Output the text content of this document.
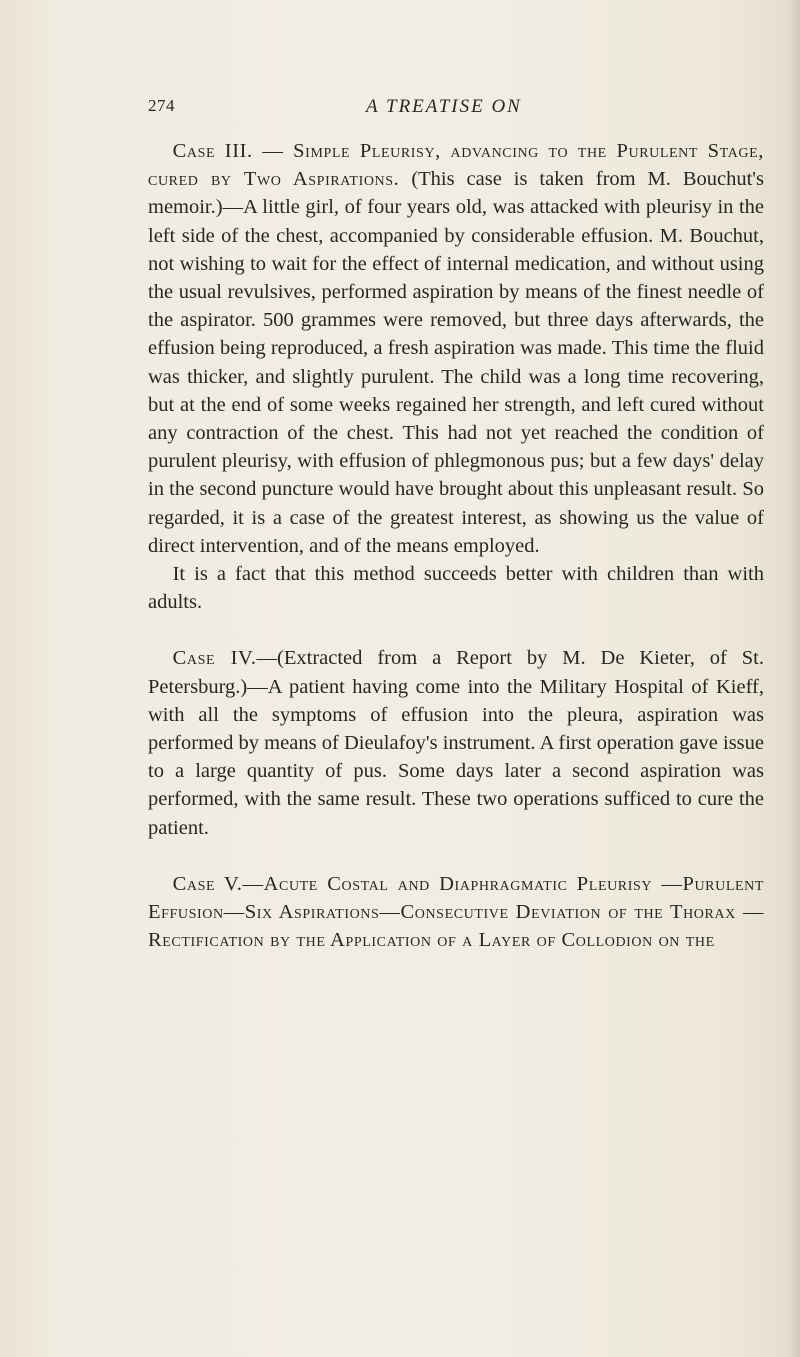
274	A TREATISE ON

Case III. — Simple Pleurisy, advancing to the Purulent Stage, cured by Two Aspirations. (This case is taken from M. Bouchut's memoir.)—A little girl, of four years old, was attacked with pleurisy in the left side of the chest, accompanied by considerable effusion. M. Bouchut, not wishing to wait for the effect of internal medication, and without using the usual revulsives, performed aspiration by means of the finest needle of the aspirator. 500 grammes were removed, but three days afterwards, the effusion being reproduced, a fresh aspiration was made. This time the fluid was thicker, and slightly purulent. The child was a long time recovering, but at the end of some weeks regained her strength, and left cured without any contraction of the chest. This had not yet reached the condition of purulent pleurisy, with effusion of phlegmonous pus; but a few days' delay in the second puncture would have brought about this unpleasant result. So regarded, it is a case of the greatest interest, as showing us the value of direct intervention, and of the means employed.

It is a fact that this method succeeds better with children than with adults.

Case IV.—(Extracted from a Report by M. De Kieter, of St. Petersburg.)—A patient having come into the Military Hospital of Kieff, with all the symptoms of effusion into the pleura, aspiration was performed by means of Dieulafoy's instrument. A first operation gave issue to a large quantity of pus. Some days later a second aspiration was performed, with the same result. These two operations sufficed to cure the patient.

Case V.—Acute Costal and Diaphragmatic Pleurisy —Purulent Effusion—Six Aspirations—Consecutive Deviation of the Thorax — Rectification by the Application of a Layer of Collodion on the
